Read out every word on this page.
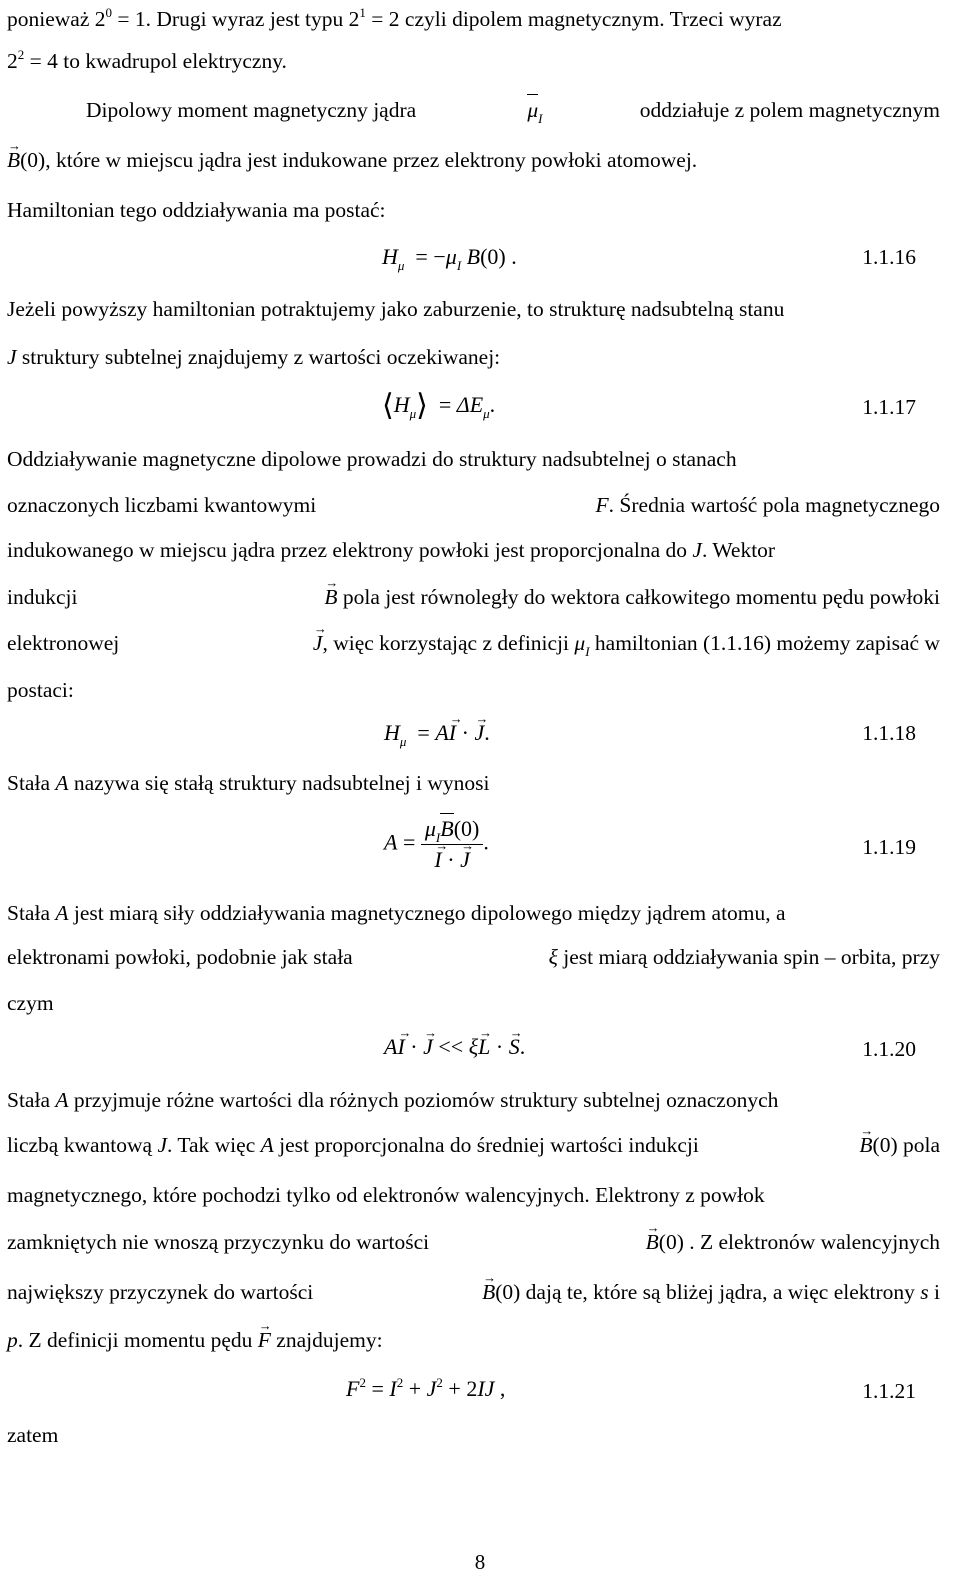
ponieważ $2^0 = 1$. Drugi wyraz jest typu $2^1 = 2$ czyli dipolem magnetycznym. Trzeci wyraz
$2^2 = 4$ to kwadrupol elektryczny.
Dipolowy moment magnetyczny jądra	$\mu_I$	oddziałuje z polem magnetycznym
→ B(0), które w miejscu jądra jest indukowane przez elektrony powłoki atomowej.
Hamiltonian tego oddziaływania ma postać:
$H_\mu = -\mu_I$ B(0) .	1.1.16
Jeżeli powyższy hamiltonian potraktujemy jako zaburzenie, to strukturę nadsubtelną stanu
J struktury subtelnej znajdujemy z wartości oczekiwanej:
$⟨H_\mu⟩ = \Delta E_\mu$.	1.1.17
Oddziaływanie magnetyczne dipolowe prowadzi do struktury nadsubtelnej o stanach
oznaczonych liczbami kwantowymi	F. Średnia wartość pola magnetycznego
indukowanego w miejscu jądra przez elektrony powłoki jest proporcjonalna do J. Wektor
indukcji	→ B pola jest równoległy do wektora całkowitego momentu pędu powłoki
elektronowej	→ J, więc korzystając z definicji $\mu_I$ hamiltonian (1.1.16) możemy zapisać w
postaci:
$H_\mu = A\to I$ · → J.	1.1.18
Stała A nazywa się stałą struktury nadsubtelnej i wynosi
$A = \mu_IB(0)$
→ I · → J .	1.1.19
Stała A jest miarą siły oddziaływania magnetycznego dipolowego między jądrem atomu, a
elektronami powłoki, podobnie jak stała	ξ jest miarą oddziaływania spin – orbita, przy
czym
A→ I · → J << ξ→ L · → S.	1.1.20
Stała A przyjmuje różne wartości dla różnych poziomów struktury subtelnej oznaczonych
liczbą kwantową J. Tak więc A jest proporcjonalna do średniej wartości indukcji	→ B(0) pola
magnetycznego, które pochodzi tylko od elektronów walencyjnych. Elektrony z powłok
zamkniętych nie wnoszą przyczynku do wartości	→ B(0) . Z elektronów walencyjnych
największy przyczynek do wartości	→ B(0) dają te, które są bliżej jądra, a więc elektrony s i
p. Z definicji momentu pędu → F znajdujemy:
$F^2 = I^2 + J^2 + 2IJ$ ,	1.1.21
zatem
8
